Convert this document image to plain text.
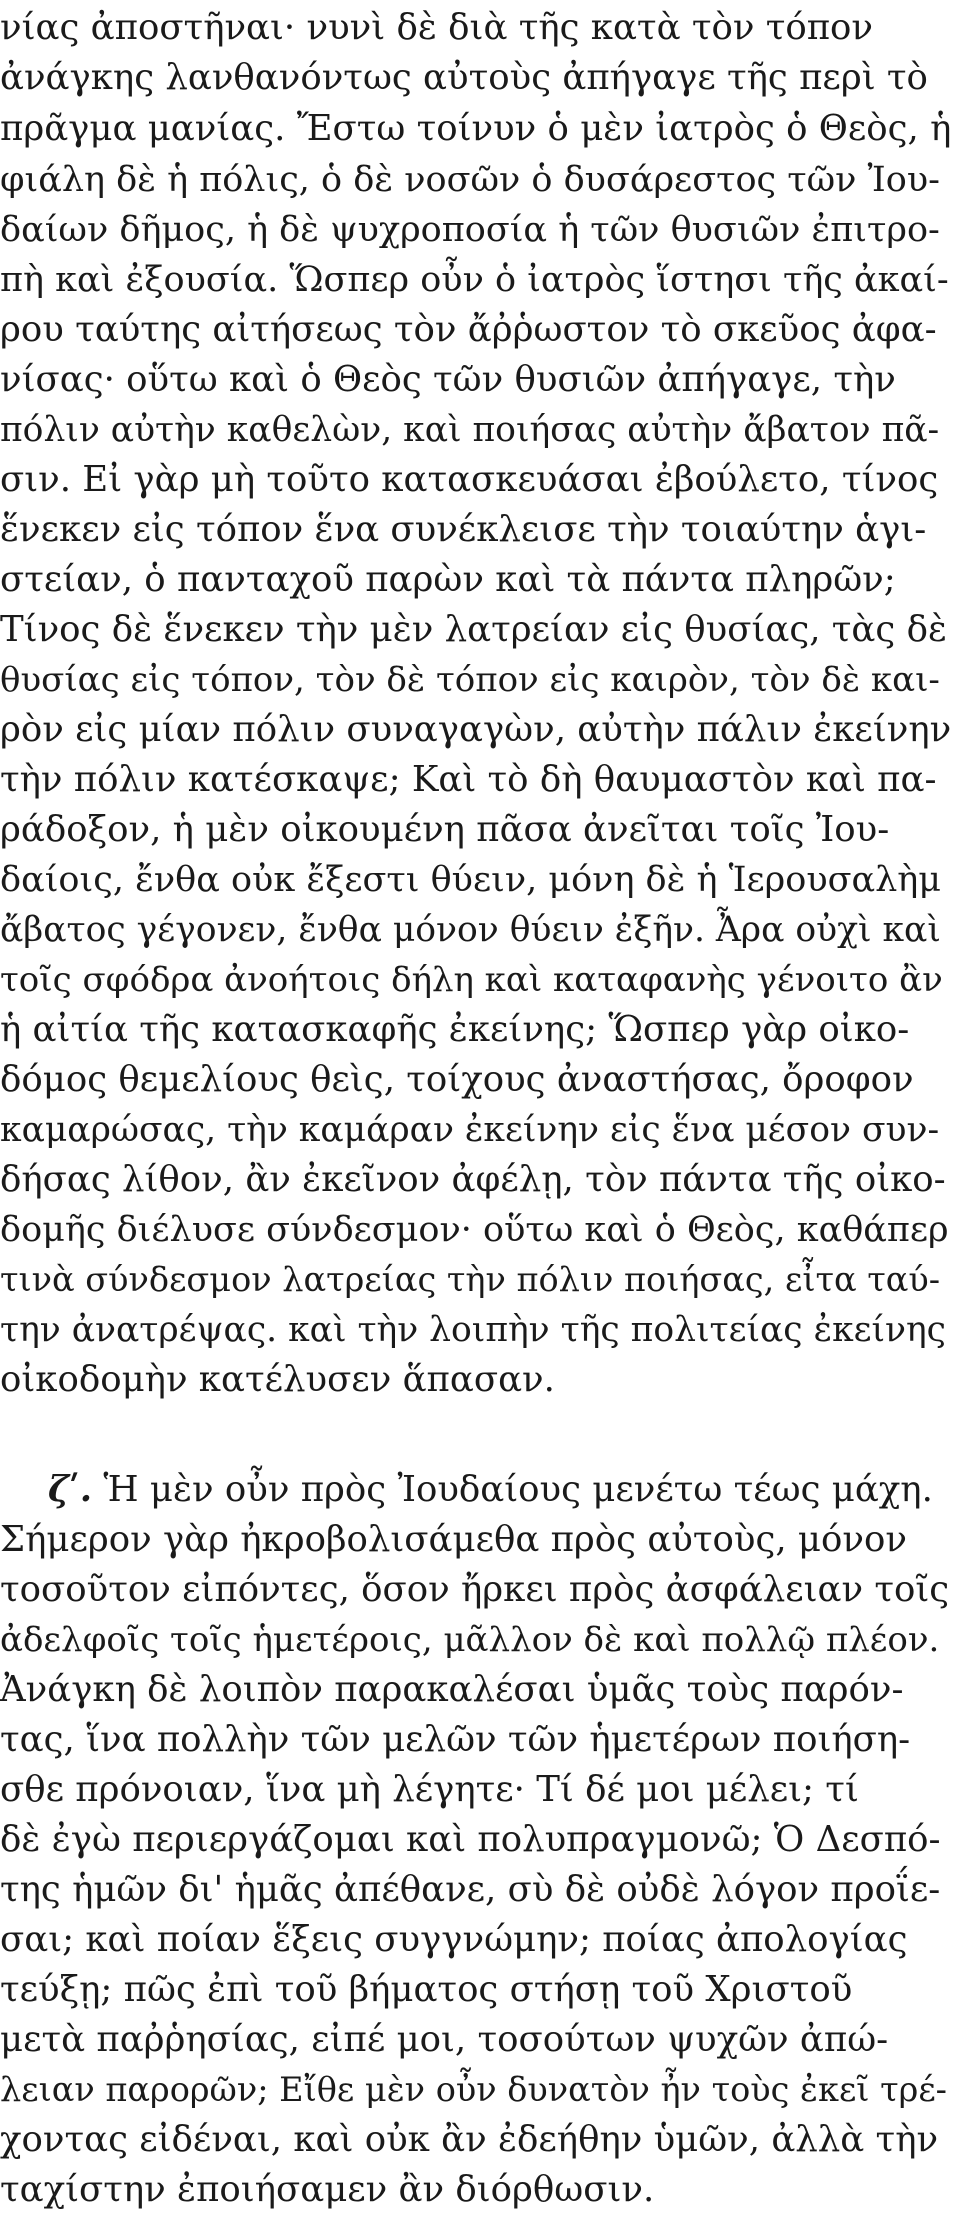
νίας ἀποστῆναι· νυνὶ δὲ διὰ τῆς κατὰ τὸν τόπον

ἀνάγκης λανθανόντως αὐτοὺς ἀπήγαγε τῆς περὶ τὸ

πρᾶγμα μανίας. Ἔστω τοίνυν ὁ μὲν ἰατρὸς ὁ Θεὸς, ἡ

φιάλη δὲ ἡ πόλις, ὁ δὲ νοσῶν ὁ δυσάρεστος τῶν Ἰου-

δαίων δῆμος, ἡ δὲ ψυχροποσία ἡ τῶν θυσιῶν ἐπιτρο-

πὴ καὶ ἐξουσία. Ὥσπερ οὖν ὁ ἰατρὸς ἵστησι τῆς ἀκαί-

ρου ταύτης αἰτήσεως τὸν ἄῤῥωστον τὸ σκεῦος ἀφα-

νίσας· οὕτω καὶ ὁ Θεὸς τῶν θυσιῶν ἀπήγαγε, τὴν

πόλιν αὐτὴν καθελὼν, καὶ ποιήσας αὐτὴν ἄβατον πᾶ-

σιν. Εἰ γὰρ μὴ τοῦτο κατασκευάσαι ἐβούλετο, τίνος

ἕνεκεν εἰς τόπον ἕνα συνέκλεισε τὴν τοιαύτην ἁγι-

στείαν, ὁ πανταχοῦ παρὼν καὶ τὰ πάντα πληρῶν;

Τίνος δὲ ἕνεκεν τὴν μὲν λατρείαν εἰς θυσίας, τὰς δὲ

θυσίας εἰς τόπον, τὸν δὲ τόπον εἰς καιρὸν, τὸν δὲ και-

ρὸν εἰς μίαν πόλιν συναγαγὼν, αὐτὴν πάλιν ἐκείνην

τὴν πόλιν κατέσκαψε; Καὶ τὸ δὴ θαυμαστὸν καὶ πα-

ράδοξον, ἡ μὲν οἰκουμένη πᾶσα ἀνεῖται τοῖς Ἰου-

δαίοις, ἔνθα οὐκ ἔξεστι θύειν, μόνη δὲ ἡ Ἱερουσαλὴμ

ἄβατος γέγονεν, ἔνθα μόνον θύειν ἐξῆν. Ἆρα οὐχὶ καὶ

τοῖς σφόδρα ἀνοήτοις δήλη καὶ καταφανὴς γένοιτο ἂν

ἡ αἰτία τῆς κατασκαφῆς ἐκείνης; Ὥσπερ γὰρ οἰκο-

δόμος θεμελίους θεὶς, τοίχους ἀναστήσας, ὄροφον

καμαρώσας, τὴν καμάραν ἐκείνην εἰς ἕνα μέσον συν-

δήσας λίθον, ἂν ἐκεῖνον ἀφέλῃ, τὸν πάντα τῆς οἰκο-

δομῆς διέλυσε σύνδεσμον· οὕτω καὶ ὁ Θεὸς, καθάπερ

τινὰ σύνδεσμον λατρείας τὴν πόλιν ποιήσας, εἶτα ταύ-

την ἀνατρέψας. καὶ τὴν λοιπὴν τῆς πολιτείας ἐκείνης

οἰκοδομὴν κατέλυσεν ἅπασαν.

ζʹ. Ἡ μὲν οὖν πρὸς Ἰουδαίους μενέτω τέως μάχη.

Σήμερον γὰρ ἠκροβολισάμεθα πρὸς αὐτοὺς, μόνον

τοσοῦτον εἰπόντες, ὅσον ἤρκει πρὸς ἀσφάλειαν τοῖς

ἀδελφοῖς τοῖς ἡμετέροις, μᾶλλον δὲ καὶ πολλῷ πλέον.

Ἀνάγκη δὲ λοιπὸν παρακαλέσαι ὑμᾶς τοὺς παρόν-

τας, ἵνα πολλὴν τῶν μελῶν τῶν ἡμετέρων ποιήση-

σθε πρόνοιαν, ἵνα μὴ λέγητε· Τί δέ μοι μέλει; τί

δὲ ἐγὼ περιεργάζομαι καὶ πολυπραγμονῶ; Ὁ Δεσπό-

της ἡμῶν δι' ἡμᾶς ἀπέθανε, σὺ δὲ οὐδὲ λόγον προΐε-

σαι; καὶ ποίαν ἕξεις συγγνώμην; ποίας ἀπολογίας

τεύξῃ; πῶς ἐπὶ τοῦ βήματος στήσῃ τοῦ Χριστοῦ

μετὰ παῤῥησίας, εἰπέ μοι, τοσούτων ψυχῶν ἀπώ-

λειαν παρορῶν; Εἴθε μὲν οὖν δυνατὸν ἦν τοὺς ἐκεῖ τρέ-

χοντας εἰδέναι, καὶ οὐκ ἂν ἐδεήθην ὑμῶν, ἀλλὰ τὴν

ταχίστην ἐποιήσαμεν ἂν διόρθωσιν.
